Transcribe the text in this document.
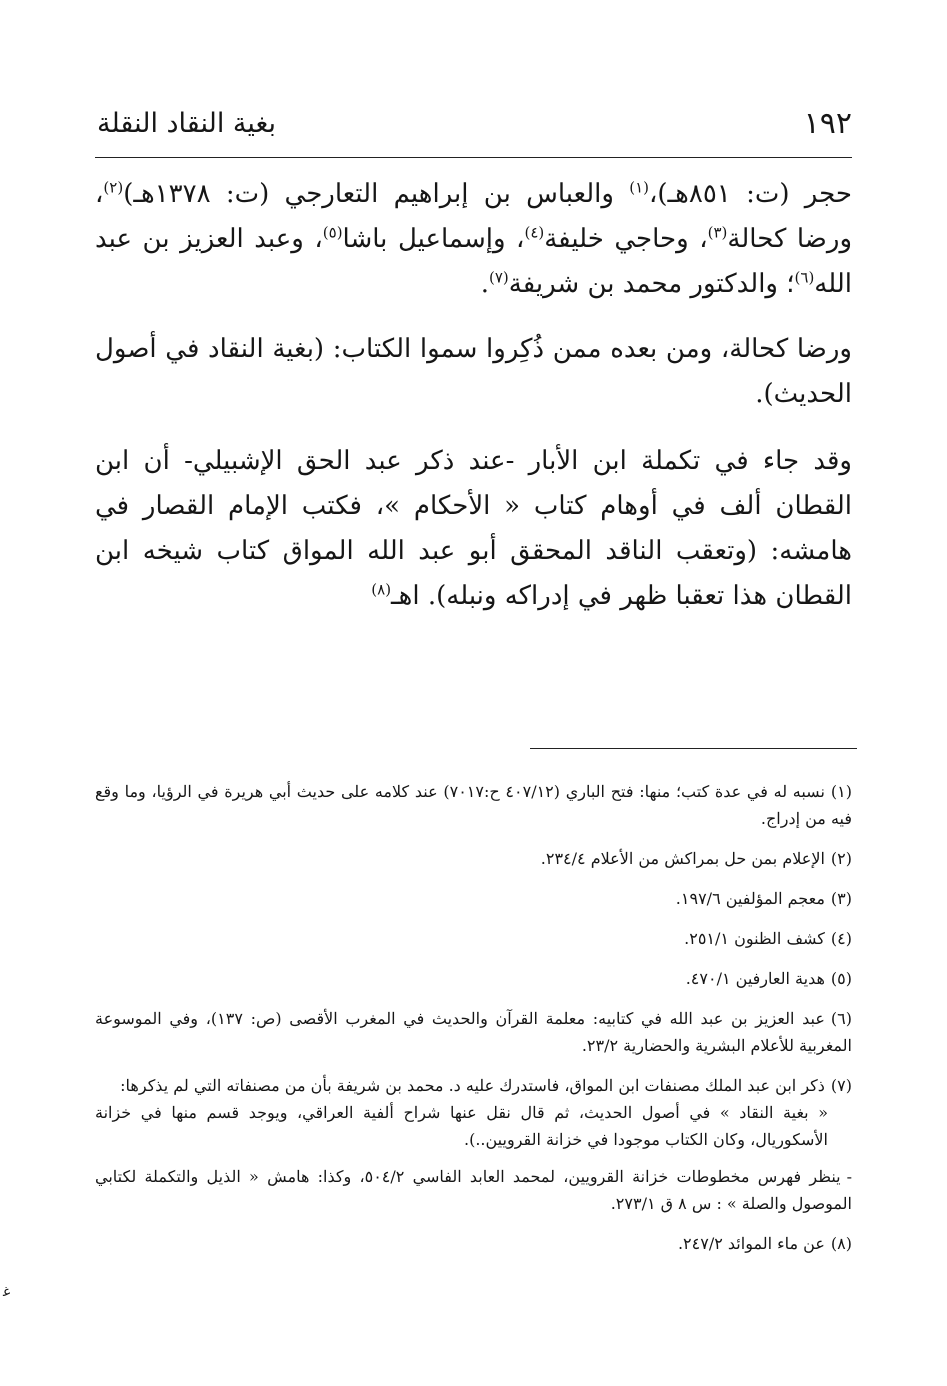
١٩٢
بغية النقاد النقلة

حجر (ت: ٨٥١هـ)،$^{(١)}$ والعباس بن إبراهيم التعارجي (ت: ١٣٧٨هـ)$^{(٢)}$، ورضا كحالة$^{(٣)}$، وحاجي خليفة$^{(٤)}$، وإسماعيل باشا$^{(٥)}$، وعبد العزيز بن عبد الله$^{(٦)}$؛ والدكتور محمد بن شريفة$^{(٧)}$.

ورضا كحالة، ومن بعده ممن ذُكِروا سموا الكتاب: (بغية النقاد في أصول الحديث).

وقد جاء في تكملة ابن الأبار -عند ذكر عبد الحق الإشبيلي- أن ابن القطان ألف في أوهام كتاب « الأحكام »، فكتب الإمام القصار في هامشه: (وتعقب الناقد المحقق أبو عبد الله المواق كتاب شيخه ابن القطان هذا تعقبا ظهر في إدراكه ونبله). اهـ$^{(٨)}$

(١)نسبه له في عدة كتب؛ منها: فتح الباري (٤٠٧/١٢ ح:٧٠١٧) عند كلامه على حديث أبي هريرة في الرؤيا، وما وقع فيه من إدراج.

(٢)الإعلام بمن حل بمراكش من الأعلام ٢٣٤/٤.

(٣)معجم المؤلفين ١٩٧/٦.

(٤)كشف الظنون ٢٥١/١.

(٥)هدية العارفين ٤٧٠/١.

(٦)عبد العزيز بن عبد الله في كتابيه: معلمة القرآن والحديث في المغرب الأقصى (ص: ١٣٧)، وفي الموسوعة المغربية للأعلام البشرية والحضارية ٢٣/٢.

(٧)ذكر ابن عبد الملك مصنفات ابن المواق، فاستدرك عليه د. محمد بن شريفة بأن من مصنفاته التي لم يذكرها:

« بغية النقاد » في أصول الحديث، ثم قال نقل عنها شراح ألفية العراقي، ويوجد قسم منها في خزانة الأسكوريال، وكان الكتاب موجودا في خزانة القرويين..).

-ينظر فهرس مخطوطات خزانة القرويين، لمحمد العابد الفاسي ٥٠٤/٢، وكذا: هامش « الذيل والتكملة لكتابي الموصول والصلة » : س ٨ ق ٢٧٣/١.

(٨)عن ماء الموائد ٢٤٧/٢.

ﻏ
